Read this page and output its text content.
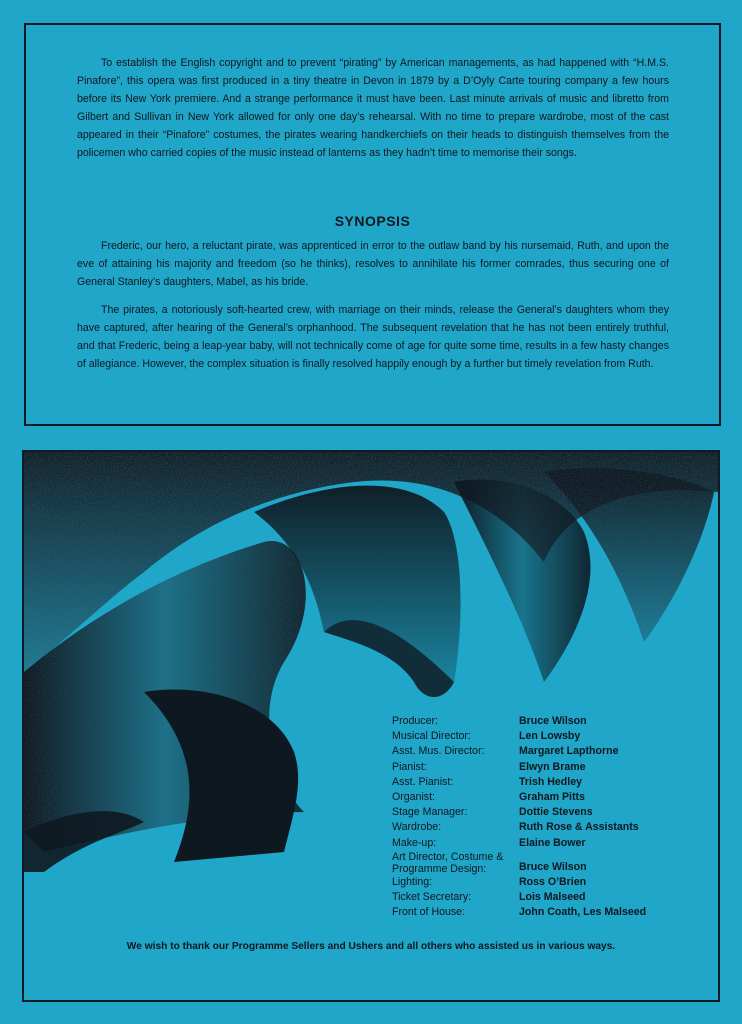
To establish the English copyright and to prevent “pirating” by American managements, as had happened with “H.M.S. Pinafore”, this opera was first produced in a tiny theatre in Devon in 1879 by a D’Oyly Carte touring company a few hours before its New York premiere. And a strange performance it must have been. Last minute arrivals of music and libretto from Gilbert and Sullivan in New York allowed for only one day’s rehearsal. With no time to prepare wardrobe, most of the cast appeared in their “Pinafore” costumes, the pirates wearing handkerchiefs on their heads to distinguish themselves from the policemen who carried copies of the music instead of lanterns as they hadn’t time to memorise their songs.

SYNOPSIS

Frederic, our hero, a reluctant pirate, was apprenticed in error to the outlaw band by his nursemaid, Ruth, and upon the eve of attaining his majority and freedom (so he thinks), resolves to annihilate his former comrades, thus securing one of General Stanley’s daughters, Mabel, as his bride.

The pirates, a notoriously soft-hearted crew, with marriage on their minds, release the General’s daughters whom they have captured, after hearing of the General’s orphanhood. The subsequent revelation that he has not been entirely truthful, and that Frederic, being a leap-year baby, will not technically come of age for quite some time, results in a few hasty changes of allegiance. However, the complex situation is finally resolved happily enough by a further but timely revelation from Ruth.

Producer:	Bruce Wilson
Musical Director:	Len Lowsby
Asst. Mus. Director:	Margaret Lapthorne
Pianist:	Elwyn Brame
Asst. Pianist:	Trish Hedley
Organist:	Graham Pitts
Stage Manager:	Dottie Stevens
Wardrobe:	Ruth Rose & Assistants
Make-up:	Elaine Bower
Art Director, Costume & Programme Design:	Bruce Wilson
Lighting:	Ross O’Brien
Ticket Secretary:	Lois Malseed
Front of House:	John Coath, Les Malseed

We wish to thank our Programme Sellers and Ushers and all others who assisted us in various ways.
